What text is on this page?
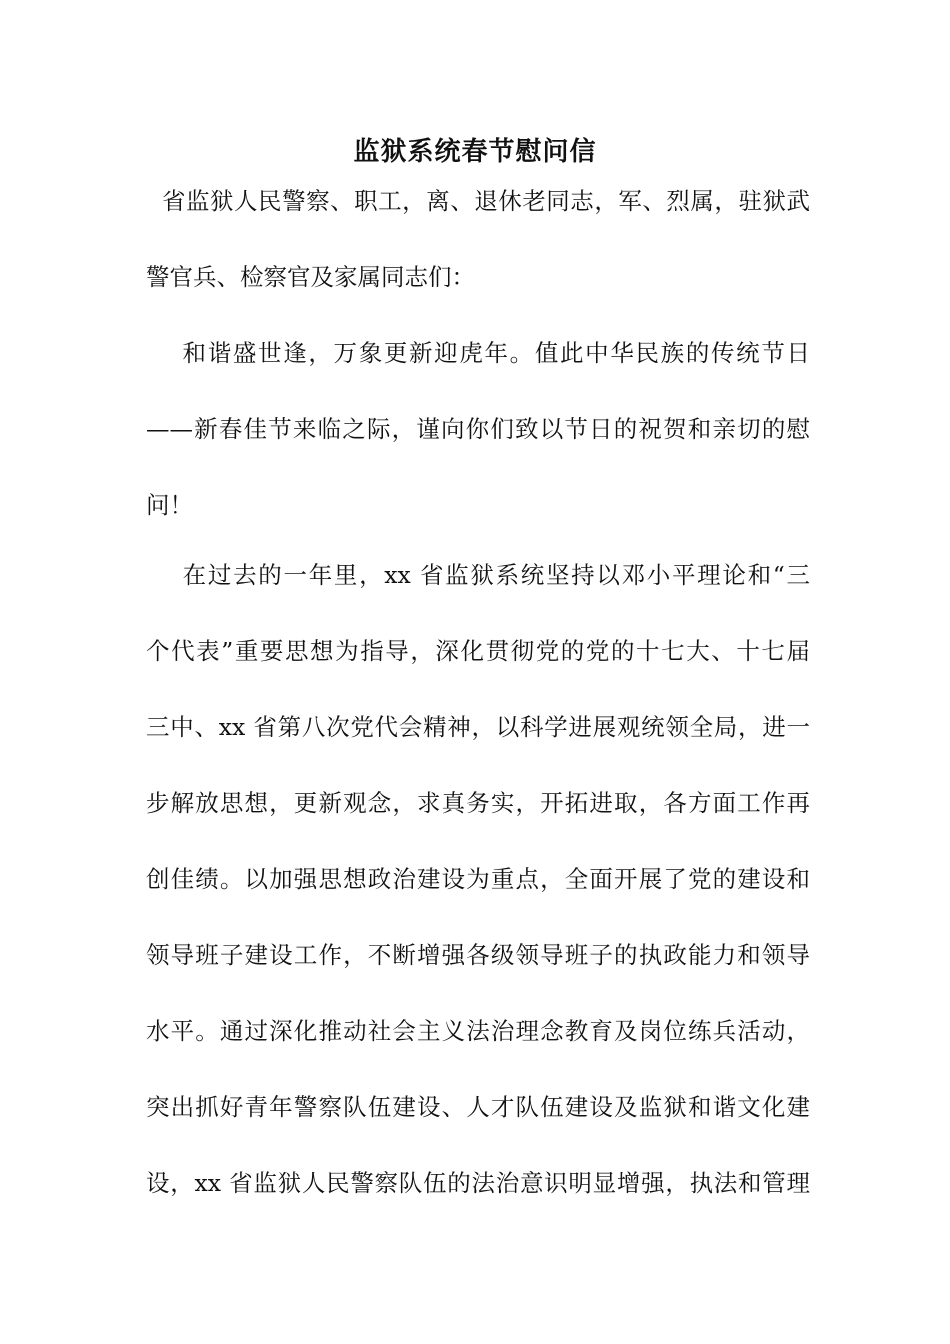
监狱系统春节慰问信
省监狱人民警察、职工，离、退休老同志，军、烈属，驻狱武
警官兵、检察官及家属同志们：
和谐盛世逢，万象更新迎虎年。值此中华民族的传统节日
——新春佳节来临之际，谨向你们致以节日的祝贺和亲切的慰
问！
在过去的一年里，xx 省监狱系统坚持以邓小平理论和“三
个代表”重要思想为指导，深化贯彻党的党的十七大、十七届
三中、xx 省第八次党代会精神，以科学进展观统领全局，进一
步解放思想，更新观念，求真务实，开拓进取，各方面工作再
创佳绩。以加强思想政治建设为重点，全面开展了党的建设和
领导班子建设工作，不断增强各级领导班子的执政能力和领导
水平。通过深化推动社会主义法治理念教育及岗位练兵活动，
突出抓好青年警察队伍建设、人才队伍建设及监狱和谐文化建
设，xx 省监狱人民警察队伍的法治意识明显增强，执法和管理
